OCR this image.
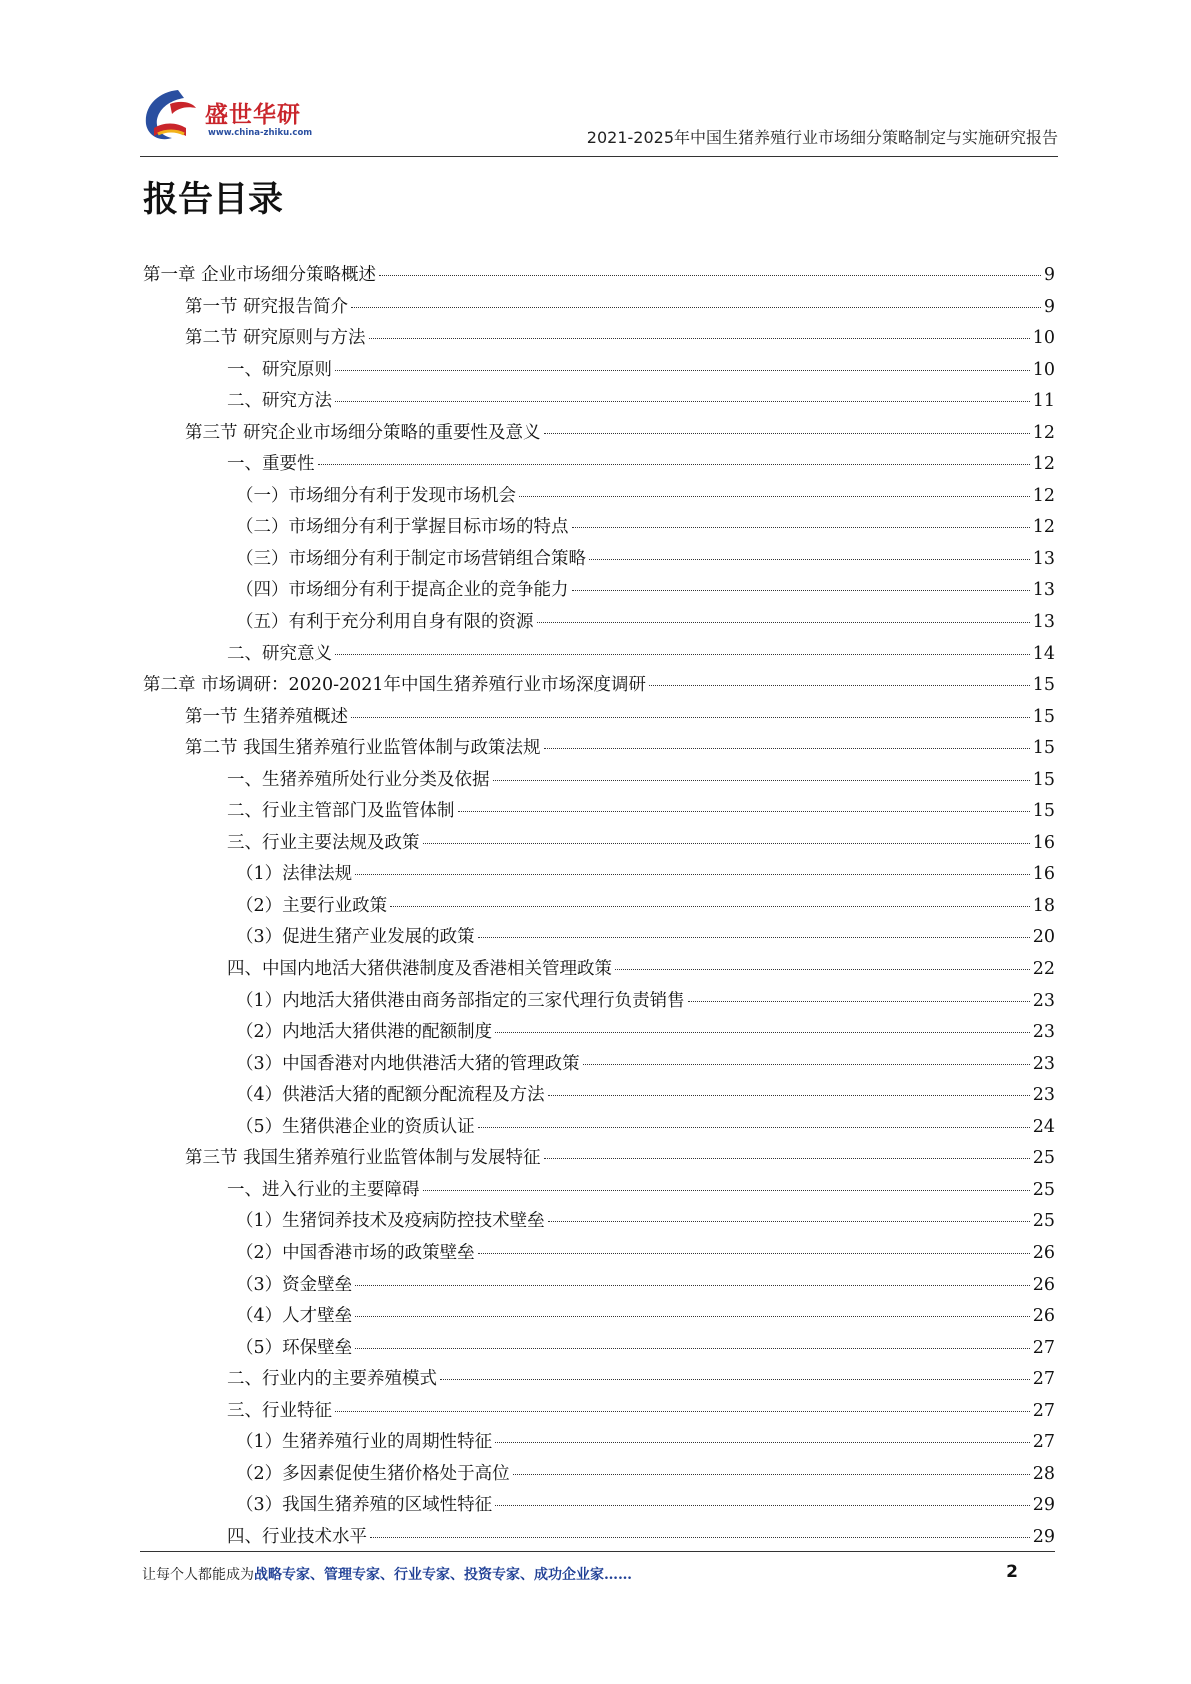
盛世华研
www.china-zhiku.com	2021-2025年中国生猪养殖行业市场细分策略制定与实施研究报告
报告目录
第一章 企业市场细分策略概述	9
第一节 研究报告简介	9
第二节 研究原则与方法	10
一、研究原则	10
二、研究方法	11
第三节 研究企业市场细分策略的重要性及意义	12
一、重要性	12
（一）市场细分有利于发现市场机会	12
（二）市场细分有利于掌握目标市场的特点	12
（三）市场细分有利于制定市场营销组合策略	13
（四）市场细分有利于提高企业的竞争能力	13
（五）有利于充分利用自身有限的资源	13
二、研究意义	14
第二章 市场调研：2020-2021年中国生猪养殖行业市场深度调研	15
第一节 生猪养殖概述	15
第二节 我国生猪养殖行业监管体制与政策法规	15
一、生猪养殖所处行业分类及依据	15
二、行业主管部门及监管体制	15
三、行业主要法规及政策	16
（1）法律法规	16
（2）主要行业政策	18
（3）促进生猪产业发展的政策	20
四、中国内地活大猪供港制度及香港相关管理政策	22
（1）内地活大猪供港由商务部指定的三家代理行负责销售	23
（2）内地活大猪供港的配额制度	23
（3）中国香港对内地供港活大猪的管理政策	23
（4）供港活大猪的配额分配流程及方法	23
（5）生猪供港企业的资质认证	24
第三节 我国生猪养殖行业监管体制与发展特征	25
一、进入行业的主要障碍	25
（1）生猪饲养技术及疫病防控技术壁垒	25
（2）中国香港市场的政策壁垒	26
（3）资金壁垒	26
（4）人才壁垒	26
（5）环保壁垒	27
二、行业内的主要养殖模式	27
三、行业特征	27
（1）生猪养殖行业的周期性特征	27
（2）多因素促使生猪价格处于高位	28
（3）我国生猪养殖的区域性特征	29
四、行业技术水平	29
让每个人都能成为战略专家、管理专家、行业专家、投资专家、成功企业家……	2
